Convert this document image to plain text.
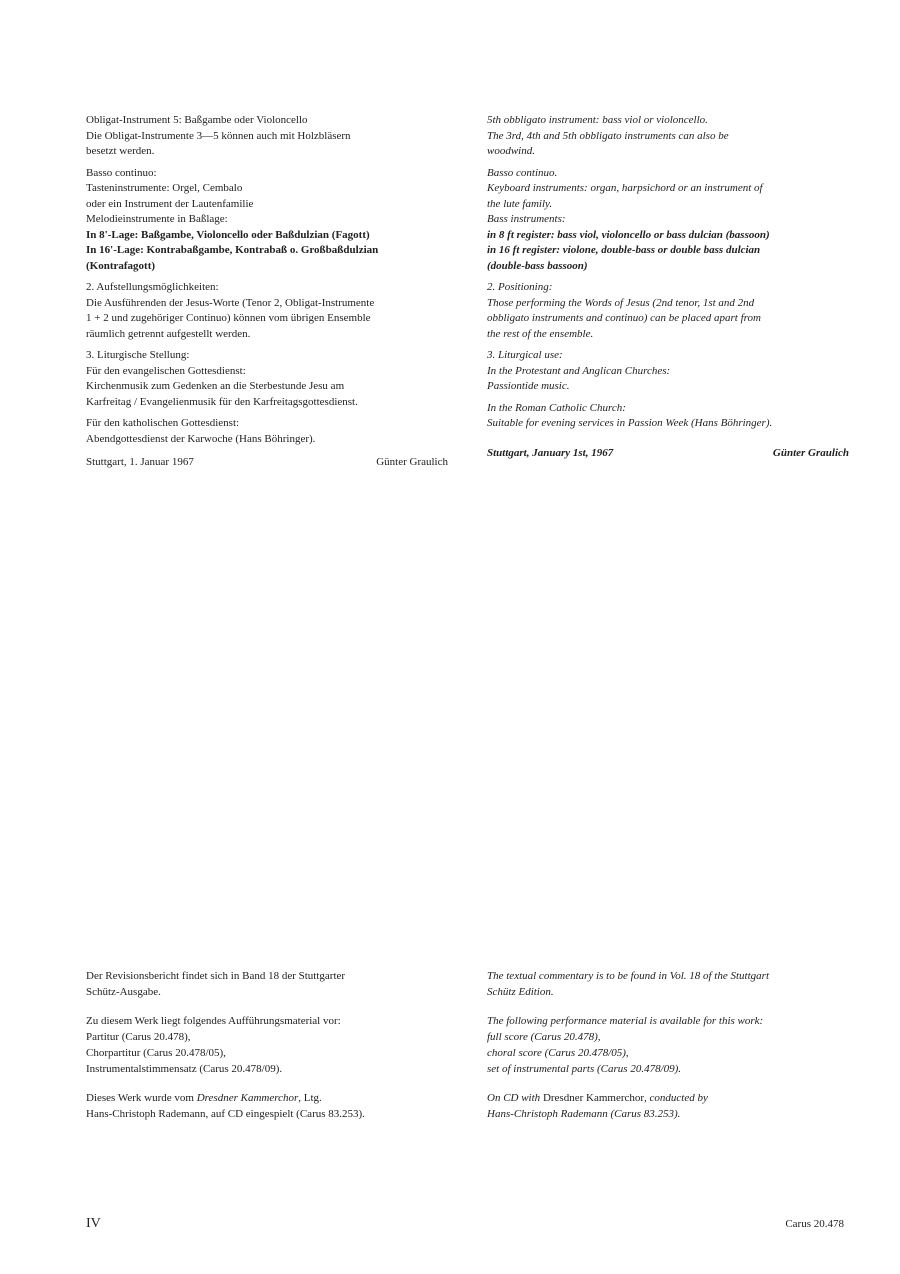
Obligat-Instrument 5: Baßgambe oder Violoncello
Die Obligat-Instrumente 3—5 können auch mit Holzbläsern
besetzt werden.
Basso continuo:
Tasteninstrumente: Orgel, Cembalo
oder ein Instrument der Lautenfamilie
Melodieinstrumente in Baßlage:
In 8'-Lage: Baßgambe, Violoncello oder Baßdulzian (Fagott)
In 16'-Lage: Kontrabaßgambe, Kontrabaß o. Großbaßdulzian
(Kontrafagott)
2. Aufstellungsmöglichkeiten:
Die Ausführenden der Jesus-Worte (Tenor 2, Obligat-Instrumente
1 + 2 und zugehöriger Continuo) können vom übrigen Ensemble
räumlich getrennt aufgestellt werden.
3. Liturgische Stellung:
Für den evangelischen Gottesdienst:
Kirchenmusik zum Gedenken an die Sterbestunde Jesu am
Karfreitag / Evangelienmusik für den Karfreitagsgottesdienst.
Für den katholischen Gottesdienst:
Abendgottesdienst der Karwoche (Hans Böhringer).
Stuttgart, 1. Januar 1967	Günter Graulich
5th obbligato instrument: bass viol or violoncello.
The 3rd, 4th and 5th obbligato instruments can also be
woodwind.
Basso continuo.
Keyboard instruments: organ, harpsichord or an instrument of
the lute family.
Bass instruments:
in 8 ft register: bass viol, violoncello or bass dulcian (bassoon)
in 16 ft register: violone, double-bass or double bass dulcian
(double-bass bassoon)
2. Positioning:
Those performing the Words of Jesus (2nd tenor, 1st and 2nd
obbligato instruments and continuo) can be placed apart from
the rest of the ensemble.
3. Liturgical use:
In the Protestant and Anglican Churches:
Passiontide music.
In the Roman Catholic Church:
Suitable for evening services in Passion Week (Hans Böhringer).
Stuttgart, January 1st, 1967	Günter Graulich

Der Revisionsbericht findet sich in Band 18 der Stuttgarter
Schütz-Ausgabe.

Zu diesem Werk liegt folgendes Aufführungsmaterial vor:
Partitur (Carus 20.478),
Chorpartitur (Carus 20.478/05),
Instrumentalstimmensatz (Carus 20.478/09).

Dieses Werk wurde vom Dresdner Kammerchor, Ltg.
Hans-Christoph Rademann, auf CD eingespielt (Carus 83.253).

The textual commentary is to be found in Vol. 18 of the Stuttgart
Schütz Edition.

The following performance material is available for this work:
full score (Carus 20.478),
choral score (Carus 20.478/05),
set of instrumental parts (Carus 20.478/09).

On CD with Dresdner Kammerchor, conducted by
Hans-Christoph Rademann (Carus 83.253).

IV	Carus 20.478
